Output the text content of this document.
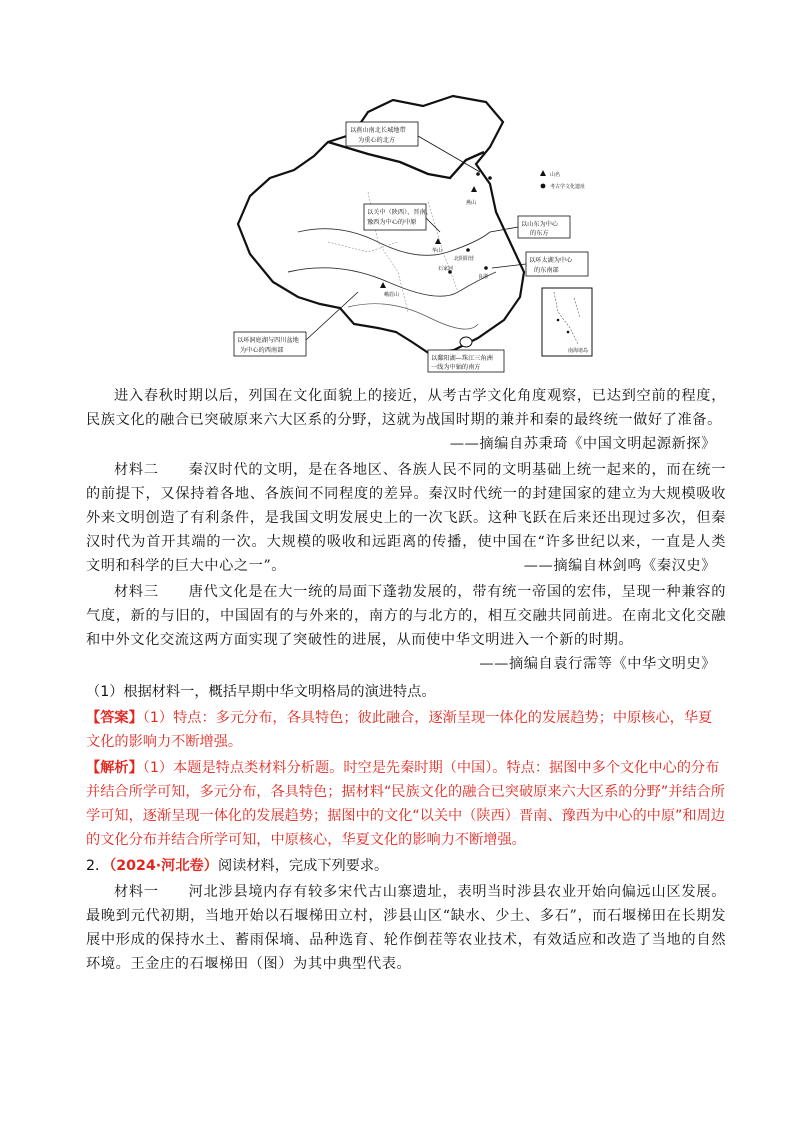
以燕山南北长城地带
为重心的北方
以关中（陕西）、晋南、
豫西为中心的中原	以山东为中心
的东方
以环太湖为中心
的东南部
以环洞庭湖与四川盆地
为中心的西南部
以鄱阳湖—珠江三角洲
一线为中轴的南方
山名
考古学文化遗址
燕山
华山
北阴阳营
良渚
石家河
峨眉山
南海诸岛

进入春秋时期以后，列国在文化面貌上的接近，从考古学文化角度观察，已达到空前的程度，民族文化的融合已突破原来六大区系的分野，这就为战国时期的兼并和秦的最终统一做好了准备。

——摘编自苏秉琦《中国文明起源新探》

材料二　　秦汉时代的文明，是在各地区、各族人民不同的文明基础上统一起来的，而在统一的前提下，又保持着各地、各族间不同程度的差异。秦汉时代统一的封建国家的建立为大规模吸收外来文明创造了有利条件，是我国文明发展史上的一次飞跃。这种飞跃在后来还出现过多次，但秦汉时代为首开其端的一次。大规模的吸收和远距离的传播，使中国在“许多世纪以来，一直是人类文明和科学的巨大中心之一”。	——摘编自林剑鸣《秦汉史》

材料三　　唐代文化是在大一统的局面下蓬勃发展的，带有统一帝国的宏伟，呈现一种兼容的气度，新的与旧的，中国固有的与外来的，南方的与北方的，相互交融共同前进。在南北文化交融和中外文化交流这两方面实现了突破性的进展，从而使中华文明进入一个新的时期。

——摘编自袁行霈等《中华文明史》

（1）根据材料一，概括早期中华文明格局的演进特点。

【答案】（1）特点：多元分布，各具特色；彼此融合，逐渐呈现一体化的发展趋势；中原核心，华夏文化的影响力不断增强。

【解析】（1）本题是特点类材料分析题。时空是先秦时期（中国）。特点：据图中多个文化中心的分布并结合所学可知，多元分布，各具特色；据材料“民族文化的融合已突破原来六大区系的分野”并结合所学可知，逐渐呈现一体化的发展趋势；据图中的文化“以关中（陕西）晋南、豫西为中心的中原”和周边的文化分布并结合所学可知，中原核心，华夏文化的影响力不断增强。

2．（2024·河北卷）阅读材料，完成下列要求。

材料一　　河北涉县境内存有较多宋代古山寨遗址，表明当时涉县农业开始向偏远山区发展。最晚到元代初期，当地开始以石堰梯田立村，涉县山区“缺水、少土、多石”，而石堰梯田在长期发展中形成的保持水土、蓄雨保墒、品种选育、轮作倒茬等农业技术，有效适应和改造了当地的自然环境。王金庄的石堰梯田（图）为其中典型代表。
